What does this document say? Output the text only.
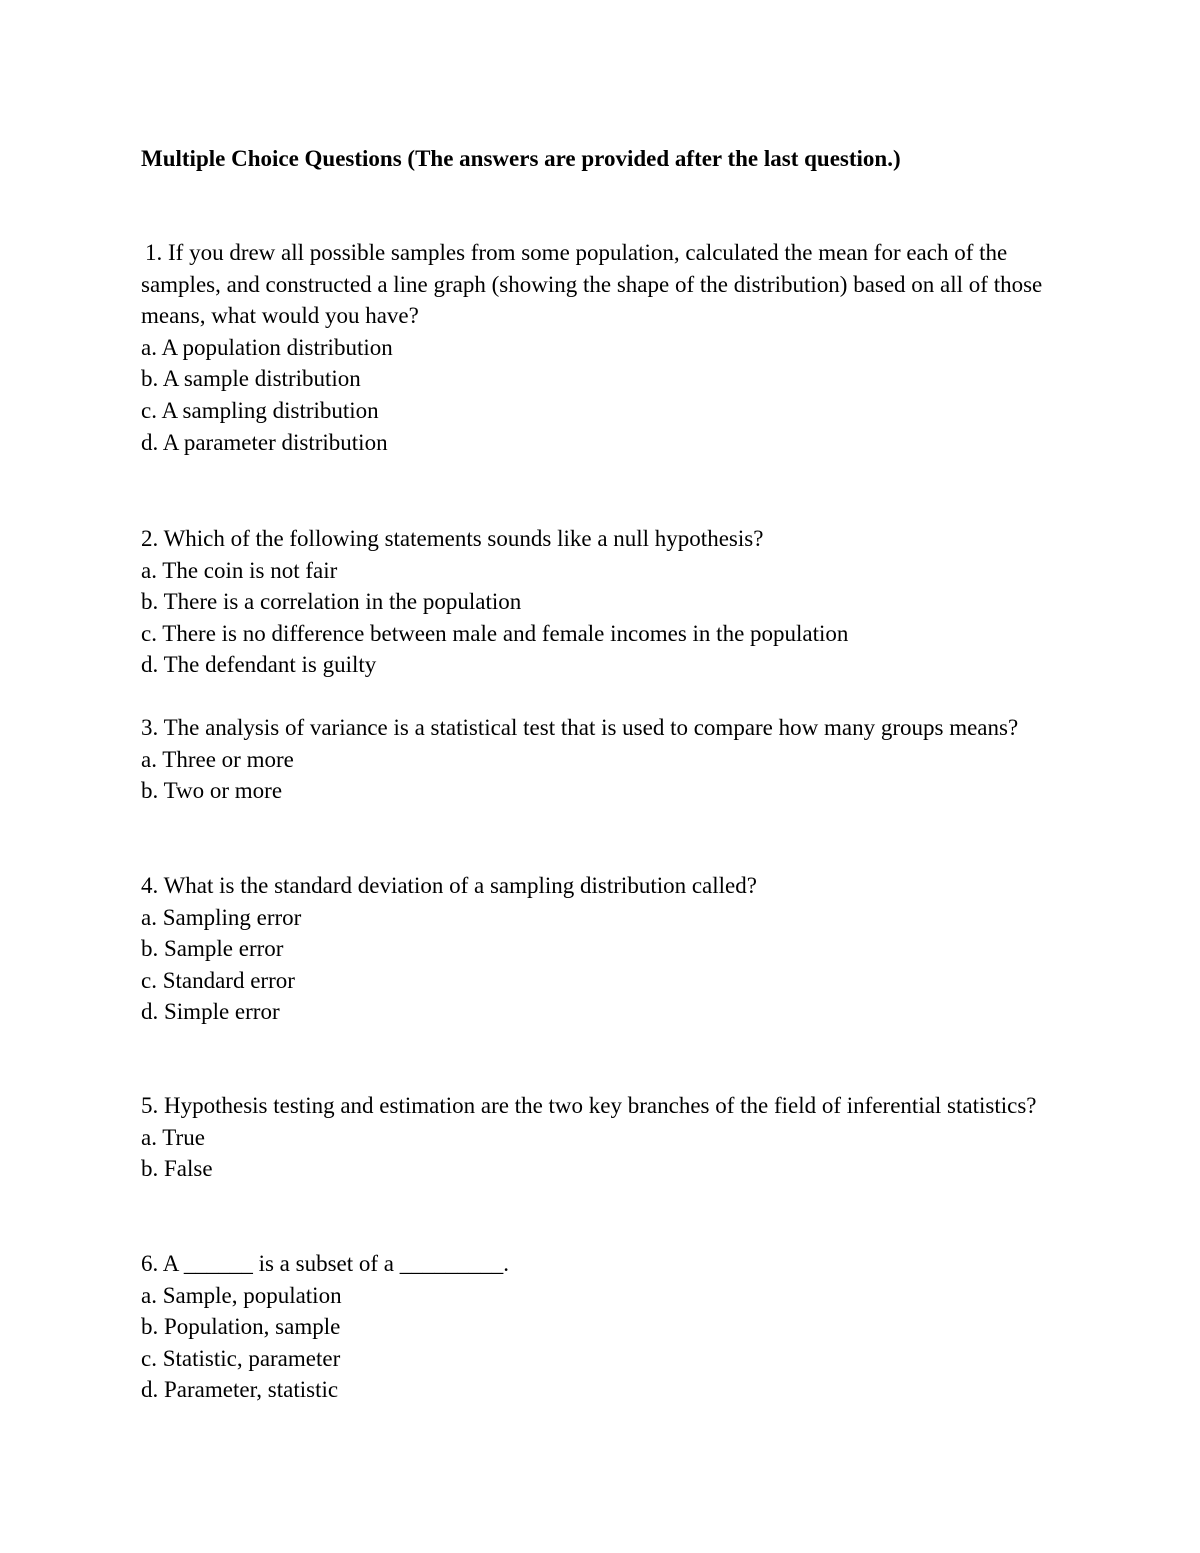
Multiple Choice Questions (The answers are provided after the last question.)

1. If you drew all possible samples from some population, calculated the mean for each of the samples, and constructed a line graph (showing the shape of the distribution) based on all of those means, what would you have?

a. A population distribution
b. A sample distribution
c. A sampling distribution
d. A parameter distribution

2. Which of the following statements sounds like a null hypothesis?

a. The coin is not fair
b. There is a correlation in the population
c. There is no difference between male and female incomes in the population
d. The defendant is guilty

3. The analysis of variance is a statistical test that is used to compare how many groups means?

a. Three or more
b. Two or more

4. What is the standard deviation of a sampling distribution called?

a. Sampling error
b. Sample error
c. Standard error
d. Simple error

5. Hypothesis testing and estimation are the two key branches of the field of inferential statistics?

a. True
b. False

6. A ______ is a subset of a _________.

a. Sample, population
b. Population, sample
c. Statistic, parameter
d. Parameter, statistic
